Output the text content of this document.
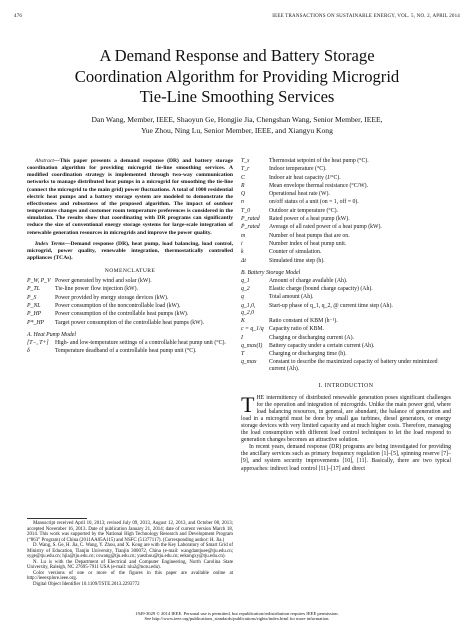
476	IEEE TRANSACTIONS ON SUSTAINABLE ENERGY, VOL. 5, NO. 2, APRIL 2014
A Demand Response and Battery Storage
Coordination Algorithm for Providing Microgrid
Tie-Line Smoothing Services
Dan Wang, Member, IEEE, Shaoyun Ge, Hongjie Jia, Chengshan Wang, Senior Member, IEEE,
Yue Zhou, Ning Lu, Senior Member, IEEE, and Xiangyu Kong

Abstract—This paper presents a demand response (DR) and battery storage coordination algorithm for providing microgrid tie-line smoothing services. A modified coordination strategy is implemented through two-way communication networks to manage distributed heat pumps in a microgrid for smoothing the tie-line (connect the microgrid to the main grid) power fluctuations. A total of 1000 residential electric heat pumps and a battery storage system are modeled to demonstrate the effectiveness and robustness of the proposed algorithm. The impact of outdoor temperature changes and customer room temperature preferences is considered in the simulation. The results show that coordinating with DR programs can significantly reduce the size of conventional energy storage systems for large-scale integration of renewable generation resources in microgrids and improve the power quality.

Index Terms—Demand response (DR), heat pump, load balancing, load control, microgrid, power quality, renewable integration, thermostatically controlled appliances (TCAs).

NOMENCLATURE
P_W, P_V	Power generated by wind and solar (kW).
P_TL	Tie-line power flow injection (kW).
P_S	Power provided by energy storage devices (kW).
P_NL	Power consumption of the noncontrollable load (kW).
P_HP	Power consumption of the controllable heat pumps (kW).
P*_HP	Target power consumption of the controllable heat pumps (kW).
A. Heat Pump Model
[T−, T+]	High- and low-temperature settings of a controllable heat pump unit (°C).
δ	Temperature deadband of a controllable heat pump unit (°C).

Manuscript received April 10, 2013; revised July 09, 2013, August 12, 2013, and October 08, 2013; accepted November 16, 2013. Date of publication January 21, 2014; date of current version March 18, 2014. This work was supported by the National High Technology Research and Development Program (“863” Program) of China (2011AA05A115) and NSFC (51377117). (Corresponding author: H. Jia.)

D. Wang, S. Ge, H. Jia, C. Wang, Y. Zhou, and X. Kong are with the Key Laboratory of Smart Grid of Ministry of Education, Tianjin University, Tianjin 300072, China (e-mail: wangdantjuee@tju.edu.cn; syge@tju.edu.cn; hjia@tju.edu.cn; cswang@tju.edu.cn; yuezhou@tju.edu.cn; eekongxy@tju.edu.cn).

N. Lu is with the Department of Electrical and Computer Engineering, North Carolina State University, Raleigh, NC 27695-7911 USA (e-mail: nlu2@ncsu.edu).

Color versions of one or more of the figures in this paper are available online at http://ieeexplore.ieee.org.

Digital Object Identifier 10.1109/TSTE.2013.2293772

T_s	Thermostat setpoint of the heat pump (°C).
T_r	Indoor temperature (°C).
C	Indoor air heat capacity (J/°C).
R	Mean envelope thermal resistance (°C/W).
Q	Operational heat rate (W).
n	on/off status of a unit (on = 1, off = 0).
T_0	Outdoor air temperature (°C).
P_rated	Rated power of a heat pump (kW).
P̄_rated	Average of all rated power of a heat pump (kW).
m	Number of heat pumps that are on.
i	Number index of heat pump unit.
k	Counter of simulation.
Δt	Simulated time step (h).
B. Battery Storage Model
q_1	Amount of charge available (Ah).
q_2	Elastic charge (bound charge capacity) (Ah).
q	Total amount (Ah).
q_1,0, q_2,0	Start-up phase of q_1, q_2, @ current time step (Ah).
K	Ratio constant of KBM (h⁻¹).
c = q_1/q	Capacity ratio of KBM.
I	Charging or discharging current (A).
q_max(I)	Battery capacity under a certain current (Ah).
T	Charging or discharging time (h).
q_max	Constant to describe the maximized capacity of battery under minimized current (Ah).
I. INTRODUCTION

THE intermittency of distributed renewable generation poses significant challenges for the operation and integration of microgrids. Unlike the main power grid, where load balancing resources, in general, are abundant, the balance of generation and load in a microgrid must be done by small gas turbines, diesel generators, or energy storage devices with very limited capacity and at much higher costs. Therefore, managing the load consumption with different load control techniques to let the load respond to generation changes becomes an attractive solution.

In recent years, demand response (DR) programs are being investigated for providing the ancillary services such as primary frequency regulation [1]–[5], spinning reserve [7]–[9], and system security improvements [10], [11]. Basically, there are two typical approaches: indirect load control [11]–[17] and direct

1949-3029 © 2014 IEEE. Personal use is permitted, but republication/redistribution requires IEEE permission.
See http://www.ieee.org/publications_standards/publications/rights/index.html for more information.
